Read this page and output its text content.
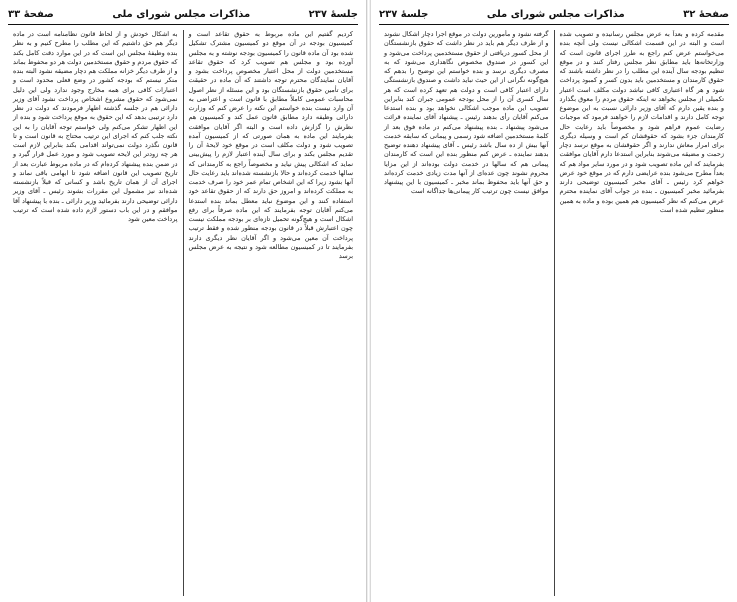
جلسهٔ ۲۳۷
مذاکرات مجلس شورای ملی
صفحهٔ ۳۳

کردیم گفتیم این ماده مربوط به حقوق تقاعد است و کمیسیون بودجه در آن موقع دو کمیسیون مشترک تشکیل شده بود آن ماده قانون را کمیسیون بودجه نوشته و به مجلس آورده بود و مجلس هم تصویب کرد که حقوق تقاعد مستخدمین دولت از محل اعتبار مخصوص پرداخت بشود و آقایان نمایندگان محترم توجه داشتند که آن ماده در حقیقت برای تأمین حقوق بازنشستگان بود و این مسئله از نظر اصول محاسبات عمومی کاملاً مطابق با قانون است و اعتراضی به آن وارد نیست بنده خواستم این نکته را عرض کنم که وزارت دارائی وظیفه دارد مطابق قانون عمل کند و کمیسیون هم نظرش را گزارش داده است و البته اگر آقایان موافقت بفرمایند این ماده به همان صورتی که از کمیسیون آمده تصویب شود و دولت مکلف است در موقع خود لایحهٔ آن را تقدیم مجلس بکند و برای سال آینده اعتبار لازم را پیش‌بینی نماید که اشکالی پیش نیاید و مخصوصاً راجع به کارمندانی که سالها خدمت کرده‌اند و حالا بازنشسته شده‌اند باید رعایت حال آنها بشود زیرا که این اشخاص تمام عمر خود را صرف خدمت به مملکت کرده‌اند و امروز حق دارند که از حقوق تقاعد خود استفاده کنند و این موضوع نباید معطل بماند بنده استدعا می‌کنم آقایان توجه بفرمایند که این ماده صرفاً برای رفع اشکال است و هیچ‌گونه تحمیل تازه‌ای بر بودجه مملکت نیست چون اعتبارش قبلاً در قانون بودجه منظور شده و فقط ترتیب پرداخت آن معین می‌شود و اگر آقایان نظر دیگری دارند بفرمایند تا در کمیسیون مطالعه شود و نتیجه به عرض مجلس برسد

به اشکال خودش و از لحاظ قانون نظامنامه است در ماده دیگر هم حق داشتیم که این مطلب را مطرح کنیم و به نظر بنده وظیفهٔ مجلس این است که در این موارد دقت کامل بکند که حقوق مردم و حقوق مستخدمین دولت هر دو محفوظ بماند و از طرف دیگر خزانه مملکت هم دچار مضیقه نشود البته بنده منکر نیستم که بودجه کشور در وضع فعلی محدود است و اعتبارات کافی برای همه مخارج وجود ندارد ولی این دلیل نمی‌شود که حقوق مشروع اشخاص پرداخت نشود آقای وزیر دارائی هم در جلسه گذشته اظهار فرمودند که دولت در نظر دارد ترتیبی بدهد که این حقوق به موقع پرداخت شود و بنده از این اظهار تشکر می‌کنم ولی خواستم توجه آقایان را به این نکته جلب کنم که اجرای این ترتیب محتاج به قانون است و تا قانون نگذرد دولت نمی‌تواند اقدامی بکند بنابراین لازم است هر چه زودتر این لایحه تصویب شود و مورد عمل قرار گیرد و در ضمن بنده پیشنهاد کرده‌ام که در ماده مربوط عبارت بعد از تاریخ تصویب این قانون اضافه شود تا ابهامی باقی نماند و اجرای آن از همان تاریخ باشد و کسانی که قبلاً بازنشسته شده‌اند نیز مشمول این مقررات بشوند رئیس ـ آقای وزیر دارائی توضیحی دارند بفرمائید وزیر دارائی ـ بنده با پیشنهاد آقا موافقم و در این باب دستور لازم داده شده است که ترتیب پرداخت معین شود

صفحهٔ ۳۲
مذاکرات مجلس شورای ملی
جلسهٔ ۲۳۷

مقدمه کرده و بعداً به عرض مجلس رسانیده و تصویب شده است و البته در این قسمت اشکالی نیست ولی آنچه بنده می‌خواستم عرض کنم راجع به طرز اجرای قانون است که وزارتخانه‌ها باید مطابق نظر مجلس رفتار کنند و در موقع تنظیم بودجه سال آینده این مطلب را در نظر داشته باشند که حقوق کارمندان و مستخدمین باید بدون کسر و کمبود پرداخت شود و هر گاه اعتباری کافی نباشد دولت مکلف است اعتبار تکمیلی از مجلس بخواهد نه اینکه حقوق مردم را معوق بگذارد و بنده یقین دارم که آقای وزیر دارائی نسبت به این موضوع توجه کامل دارند و اقدامات لازم را خواهند فرمود که موجبات رضایت عموم فراهم شود و مخصوصاً باید رعایت حال کارمندان جزء بشود که حقوقشان کم است و وسیله دیگری برای امرار معاش ندارند و اگر حقوقشان به موقع نرسد دچار زحمت و مضیقه می‌شوند بنابراین استدعا دارم آقایان موافقت بفرمایند که این ماده تصویب شود و در مورد سایر مواد هم که بعداً مطرح می‌شود بنده عرایضی دارم که در موقع خود عرض خواهم کرد رئیس ـ آقای مخبر کمیسیون توضیحی دارند بفرمائید مخبر کمیسیون ـ بنده در جواب آقای نماینده محترم عرض می‌کنم که نظر کمیسیون هم همین بوده و ماده به همین منظور تنظیم شده است

گرفته نشود و مأمورین دولت در موقع اجرا دچار اشکال نشوند و از طرف دیگر هم باید در نظر داشت که حقوق بازنشستگان از محل کسور دریافتی از حقوق مستخدمین پرداخت می‌شود و این کسور در صندوق مخصوص نگاهداری می‌شود که به مصرف دیگری نرسد و بنده خواستم این توضیح را بدهم که هیچ‌گونه نگرانی از این حیث نباید داشت و صندوق بازنشستگی دارای اعتبار کافی است و دولت هم تعهد کرده است که هر سال کسری آن را از محل بودجه عمومی جبران کند بنابراین تصویب این ماده موجب اشکالی نخواهد بود و بنده استدعا می‌کنم آقایان رأی بدهند رئیس ـ پیشنهاد آقای نماینده قرائت می‌شود پیشنهاد ـ بنده پیشنهاد می‌کنم در ماده فوق بعد از کلمهٔ مستخدمین اضافه شود رسمی و پیمانی که سابقه خدمت آنها بیش از ده سال باشد رئیس ـ آقای پیشنهاد دهنده توضیح بدهند نماینده ـ عرض کنم منظور بنده این است که کارمندان پیمانی هم که سالها در خدمت دولت بوده‌اند از این مزایا محروم نشوند چون عده‌ای از آنها مدت زیادی خدمت کرده‌اند و حق آنها باید محفوظ بماند مخبر ـ کمیسیون با این پیشنهاد موافق نیست چون ترتیب کار پیمانی‌ها جداگانه است
